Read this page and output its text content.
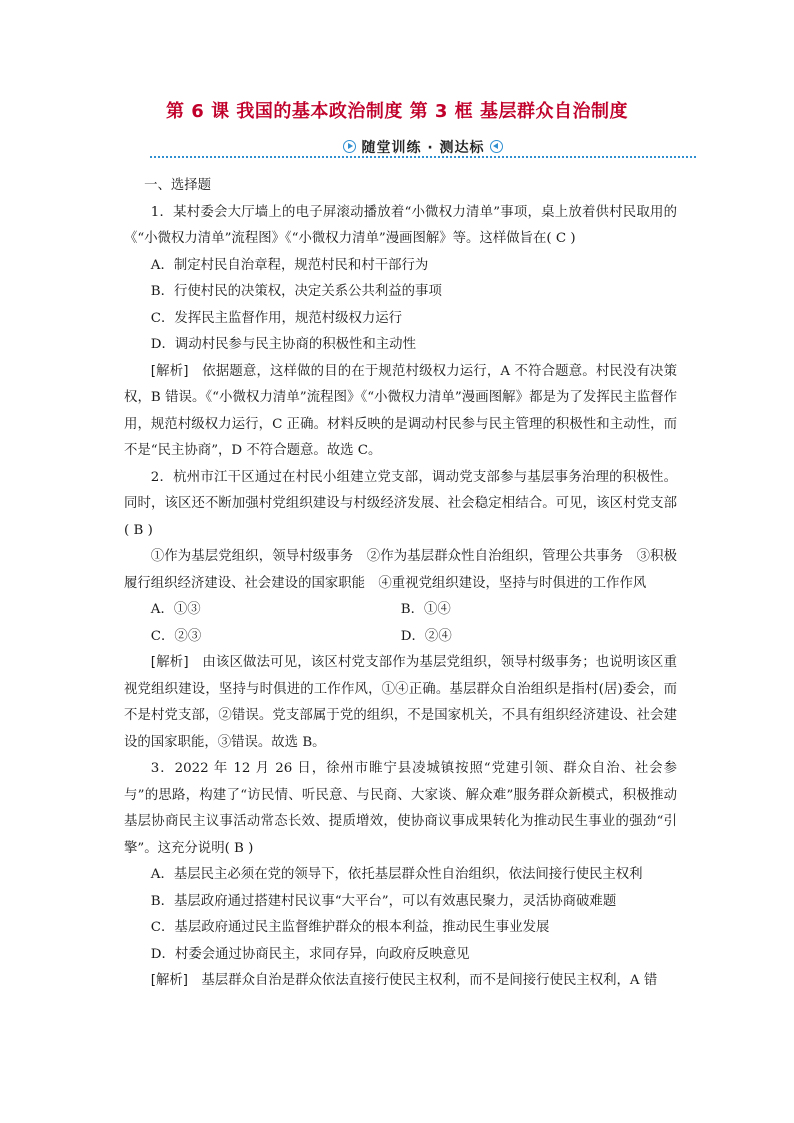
第 6 课 我国的基本政治制度 第 3 框 基层群众自治制度
随堂训练 · 测达标

一、选择题

1．某村委会大厅墙上的电子屏滚动播放着“小微权力清单”事项，桌上放着供村民取用的《“小微权力清单”流程图》《“小微权力清单”漫画图解》等。这样做旨在( C )

A．制定村民自治章程，规范村民和村干部行为

B．行使村民的决策权，决定关系公共利益的事项

C．发挥民主监督作用，规范村级权力运行

D．调动村民参与民主协商的积极性和主动性

[解析]　 依据题意，这样做的目的在于规范村级权力运行，A 不符合题意。村民没有决策权，B 错误。《“小微权力清单”流程图》《“小微权力清单”漫画图解》都是为了发挥民主监督作用，规范村级权力运行，C 正确。材料反映的是调动村民参与民主管理的积极性和主动性，而不是“民主协商”，D 不符合题意。故选 C。

2．杭州市江干区通过在村民小组建立党支部，调动党支部参与基层事务治理的积极性。同时，该区还不断加强村党组织建设与村级经济发展、社会稳定相结合。可见，该区村党支部( B )

①作为基层党组织，领导村级事务　②作为基层群众性自治组织，管理公共事务　③积极履行组织经济建设、社会建设的国家职能　④重视党组织建设，坚持与时俱进的工作作风

A．①③	B．①④
C．②③	D．②④

[解析]　 由该区做法可见，该区村党支部作为基层党组织，领导村级事务；也说明该区重视党组织建设，坚持与时俱进的工作作风，①④正确。基层群众自治组织是指村(居)委会，而不是村党支部，②错误。党支部属于党的组织，不是国家机关，不具有组织经济建设、社会建设的国家职能，③错误。故选 B。

3．2022 年 12 月 26 日，徐州市睢宁县凌城镇按照“党建引领、群众自治、社会参与”的思路，构建了“访民情、听民意、与民商、大家谈、解众难”服务群众新模式，积极推动基层协商民主议事活动常态长效、提质增效，使协商议事成果转化为推动民生事业的强劲“引擎”。这充分说明( B )

A．基层民主必须在党的领导下，依托基层群众性自治组织，依法间接行使民主权利

B．基层政府通过搭建村民议事“大平台”，可以有效惠民聚力，灵活协商破难题

C．基层政府通过民主监督维护群众的根本利益，推动民生事业发展

D．村委会通过协商民主，求同存异，向政府反映意见

[解析]　 基层群众自治是群众依法直接行使民主权利，而不是间接行使民主权利，A 错
